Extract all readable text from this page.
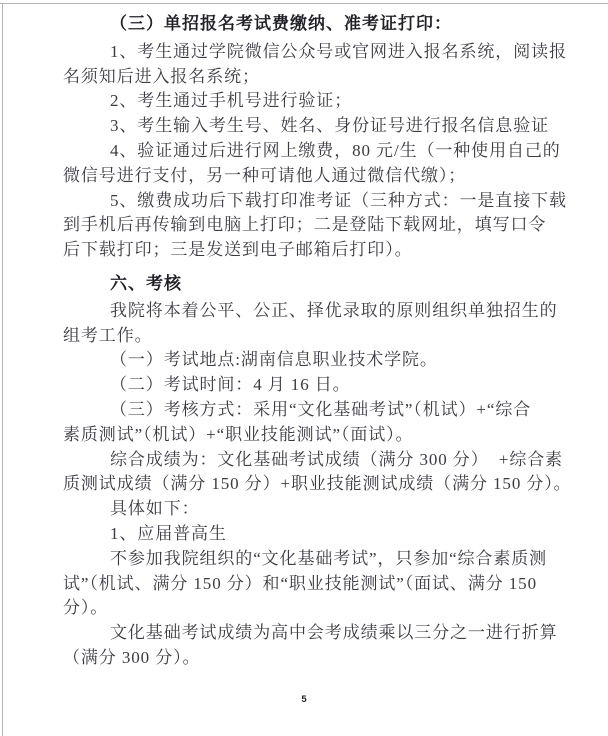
（三）单招报名考试费缴纳、准考证打印：
1、考生通过学院微信公众号或官网进入报名系统，阅读报
名须知后进入报名系统；
2、考生通过手机号进行验证；
3、考生输入考生号、姓名、身份证号进行报名信息验证
4、验证通过后进行网上缴费，80 元/生（一种使用自己的
微信号进行支付，另一种可请他人通过微信代缴）；
5、缴费成功后下载打印准考证（三种方式：一是直接下载
到手机后再传输到电脑上打印；二是登陆下载网址，填写口令
后下载打印；三是发送到电子邮箱后打印）。
六、考核
我院将本着公平、公正、择优录取的原则组织单独招生的
组考工作。
（一）考试地点:湖南信息职业技术学院。
（二）考试时间：4 月 16 日。
（三）考核方式：采用“文化基础考试”（机试）+“综合
素质测试”（机试）+“职业技能测试”（面试）。
综合成绩为：文化基础考试成绩（满分 300 分）  +综合素
质测试成绩（满分 150 分）+职业技能测试成绩（满分 150 分）。
具体如下：
1、应届普高生
不参加我院组织的“文化基础考试”，只参加“综合素质测
试”（机试、满分 150 分）和“职业技能测试”（面试、满分 150
分）。
文化基础考试成绩为高中会考成绩乘以三分之一进行折算
（满分 300 分）。
5
